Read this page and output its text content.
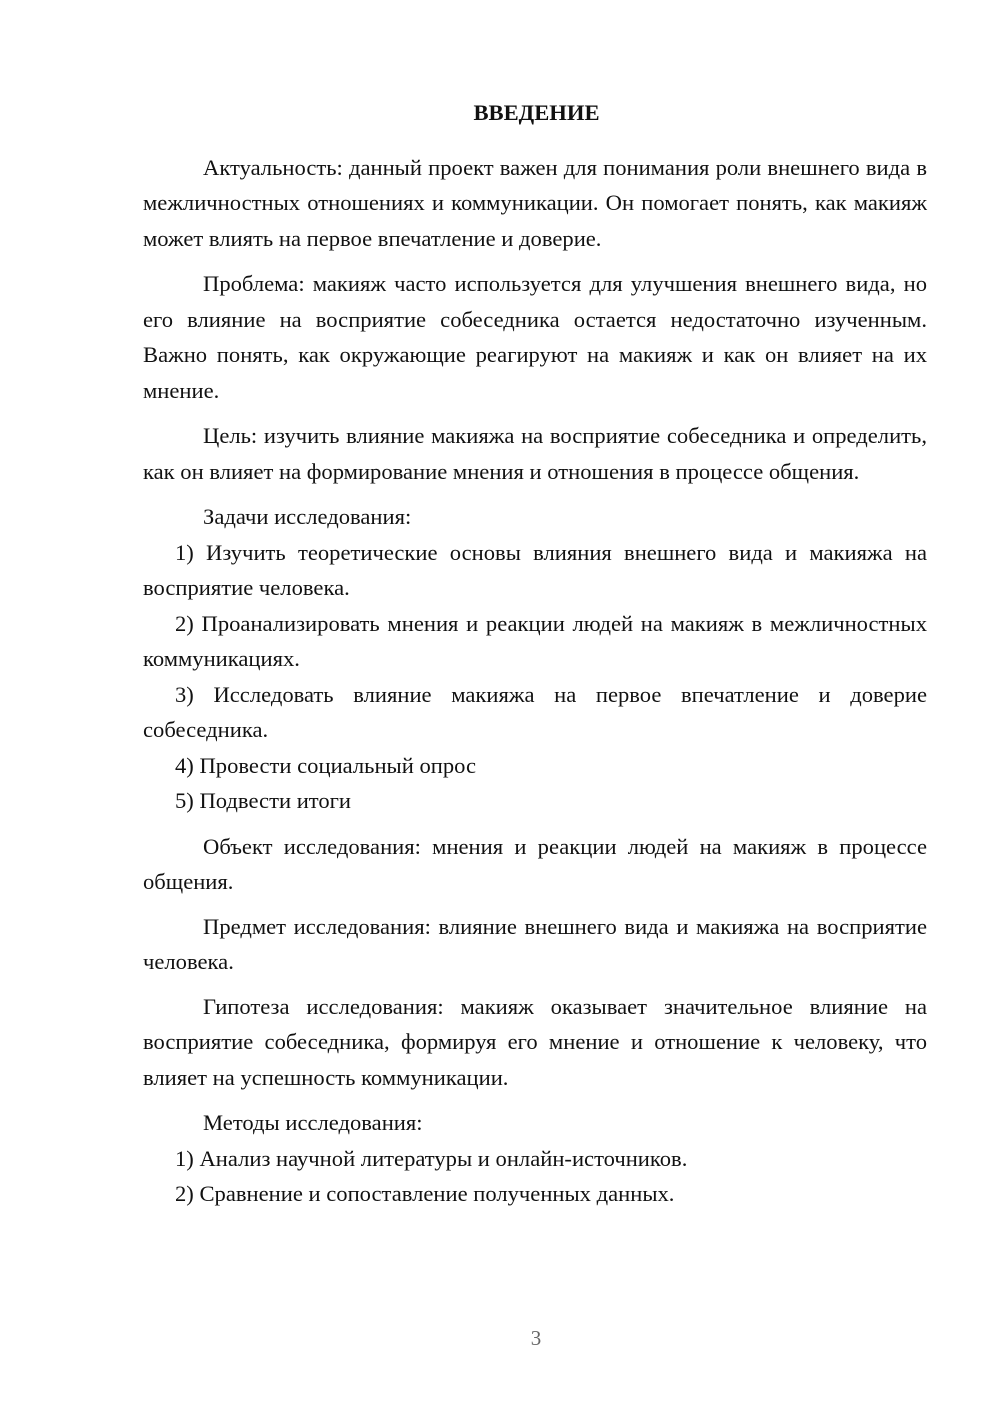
ВВЕДЕНИЕ

Актуальность: данный проект важен для понимания роли внешнего вида в межличностных отношениях и коммуникации. Он помогает понять, как макияж может влиять на первое впечатление и доверие.

Проблема: макияж часто используется для улучшения внешнего вида, но его влияние на восприятие собеседника остается недостаточно изученным. Важно понять, как окружающие реагируют на макияж и как он влияет на их мнение.

Цель: изучить влияние макияжа на восприятие собеседника и определить, как он влияет на формирование мнения и отношения в процессе общения.

Задачи исследования:

1) Изучить теоретические основы влияния внешнего вида и макияжа на восприятие человека.

2) Проанализировать мнения и реакции людей на макияж в межличностных коммуникациях.

3) Исследовать влияние макияжа на первое впечатление и доверие собеседника.

4) Провести социальный опрос

5) Подвести итоги

Объект исследования: мнения и реакции людей на макияж в процессе общения.

Предмет исследования: влияние внешнего вида и макияжа на восприятие человека.

Гипотеза исследования: макияж оказывает значительное влияние на восприятие собеседника, формируя его мнение и отношение к человеку, что влияет на успешность коммуникации.

Методы исследования:

1) Анализ научной литературы и онлайн-источников.

2) Сравнение и сопоставление полученных данных.

3
